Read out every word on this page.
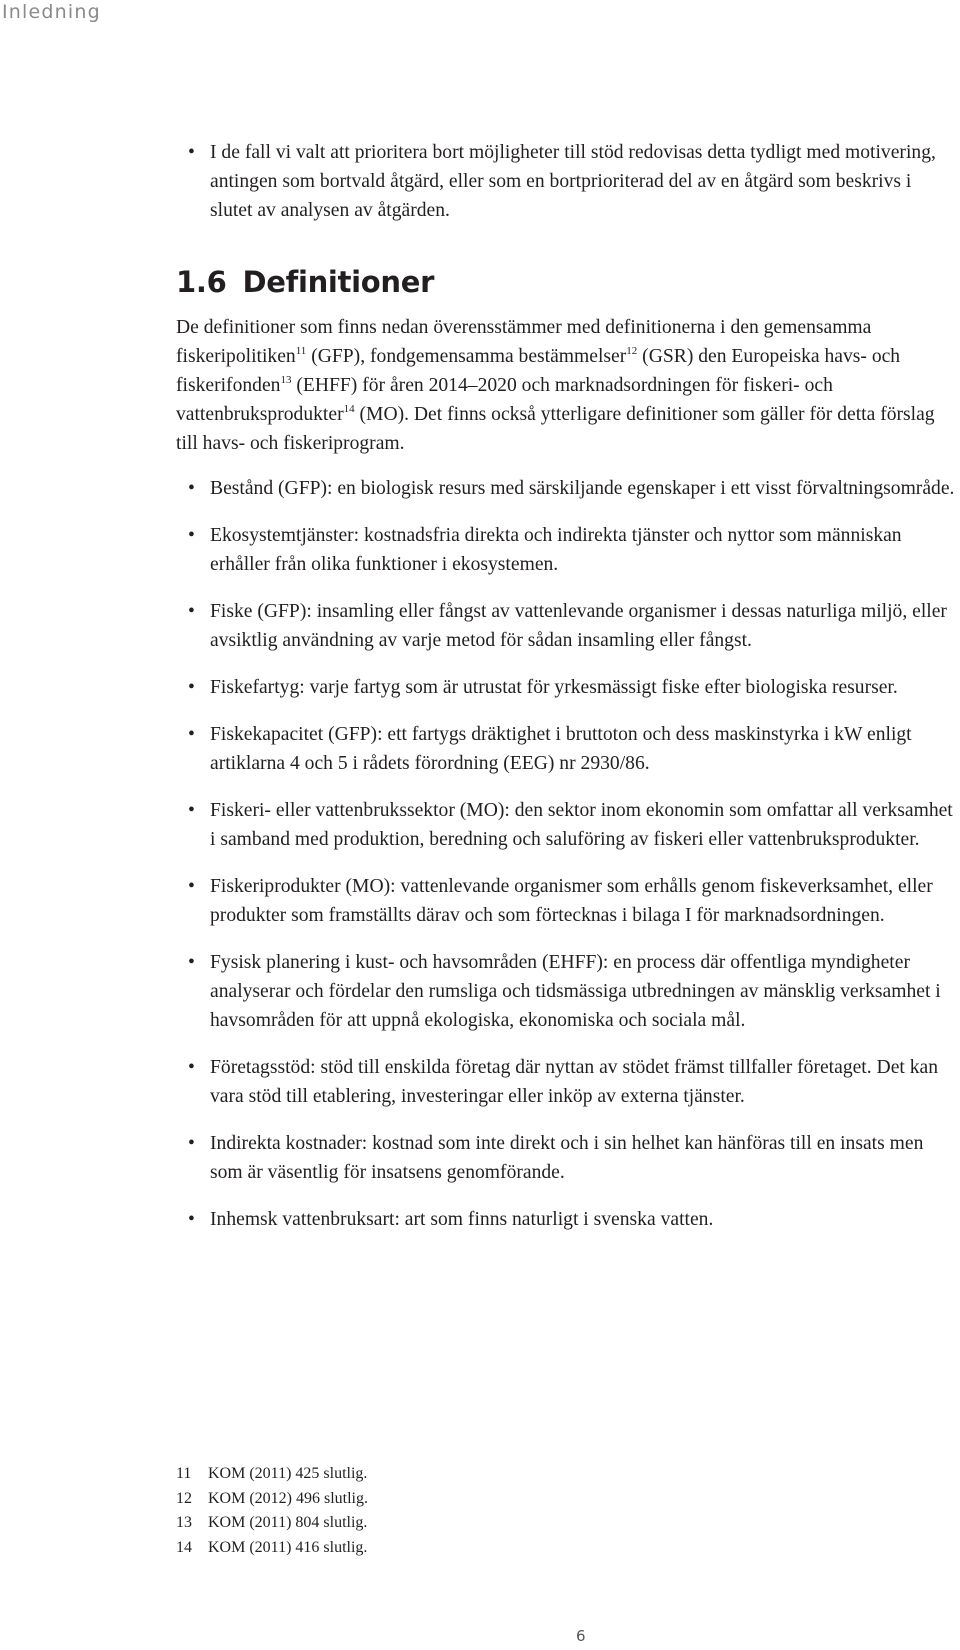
Inledning
• I de fall vi valt att prioritera bort möjligheter till stöd redovisas detta tydligt med motivering, antingen som bortvald åtgärd, eller som en bortprioriterad del av en åtgärd som beskrivs i slutet av analysen av åtgärden.
1.6 Definitioner

De definitioner som finns nedan överensstämmer med definitionerna i den gemensamma fiskeripolitiken$^{11}$ (GFP), fondgemensamma bestämmelser$^{12}$ (GSR) den Europeiska havs- och fiskerifonden$^{13}$ (EHFF) för åren 2014–2020 och marknadsordningen för fiskeri- och vattenbruksprodukter$^{14}$ (MO). Det finns också ytterligare definitioner som gäller för detta förslag till havs- och fiskeriprogram.

• Bestånd (GFP): en biologisk resurs med särskiljande egenskaper i ett visst förvaltningsområde.
• Ekosystemtjänster: kostnadsfria direkta och indirekta tjänster och nyttor som människan erhåller från olika funktioner i ekosystemen.
• Fiske (GFP): insamling eller fångst av vattenlevande organismer i dessas naturliga miljö, eller avsiktlig användning av varje metod för sådan insamling eller fångst.
• Fiskefartyg: varje fartyg som är utrustat för yrkesmässigt fiske efter biologiska resurser.
• Fiskekapacitet (GFP): ett fartygs dräktighet i bruttoton och dess maskinstyrka i kW enligt artiklarna 4 och 5 i rådets förordning (EEG) nr 2930/86.
• Fiskeri- eller vattenbrukssektor (MO): den sektor inom ekonomin som omfattar all verksamhet i samband med produktion, beredning och saluföring av fiskeri eller vattenbruksprodukter.
• Fiskeriprodukter (MO): vattenlevande organismer som erhålls genom fiskeverksamhet, eller produkter som framställts därav och som förtecknas i bilaga I för marknadsordningen.
• Fysisk planering i kust- och havsområden (EHFF): en process där offentliga myndigheter analyserar och fördelar den rumsliga och tidsmässiga utbredningen av mänsklig verksamhet i havsområden för att uppnå ekologiska, ekonomiska och sociala mål.
• Företagsstöd: stöd till enskilda företag där nyttan av stödet främst tillfaller företaget. Det kan vara stöd till etablering, investeringar eller inköp av externa tjänster.
• Indirekta kostnader: kostnad som inte direkt och i sin helhet kan hänföras till en insats men som är väsentlig för insatsens genomförande.
• Inhemsk vattenbruksart: art som finns naturligt i svenska vatten.
11 KOM (2011) 425 slutlig.
12 KOM (2012) 496 slutlig.
13 KOM (2011) 804 slutlig.
14 KOM (2011) 416 slutlig.
6
